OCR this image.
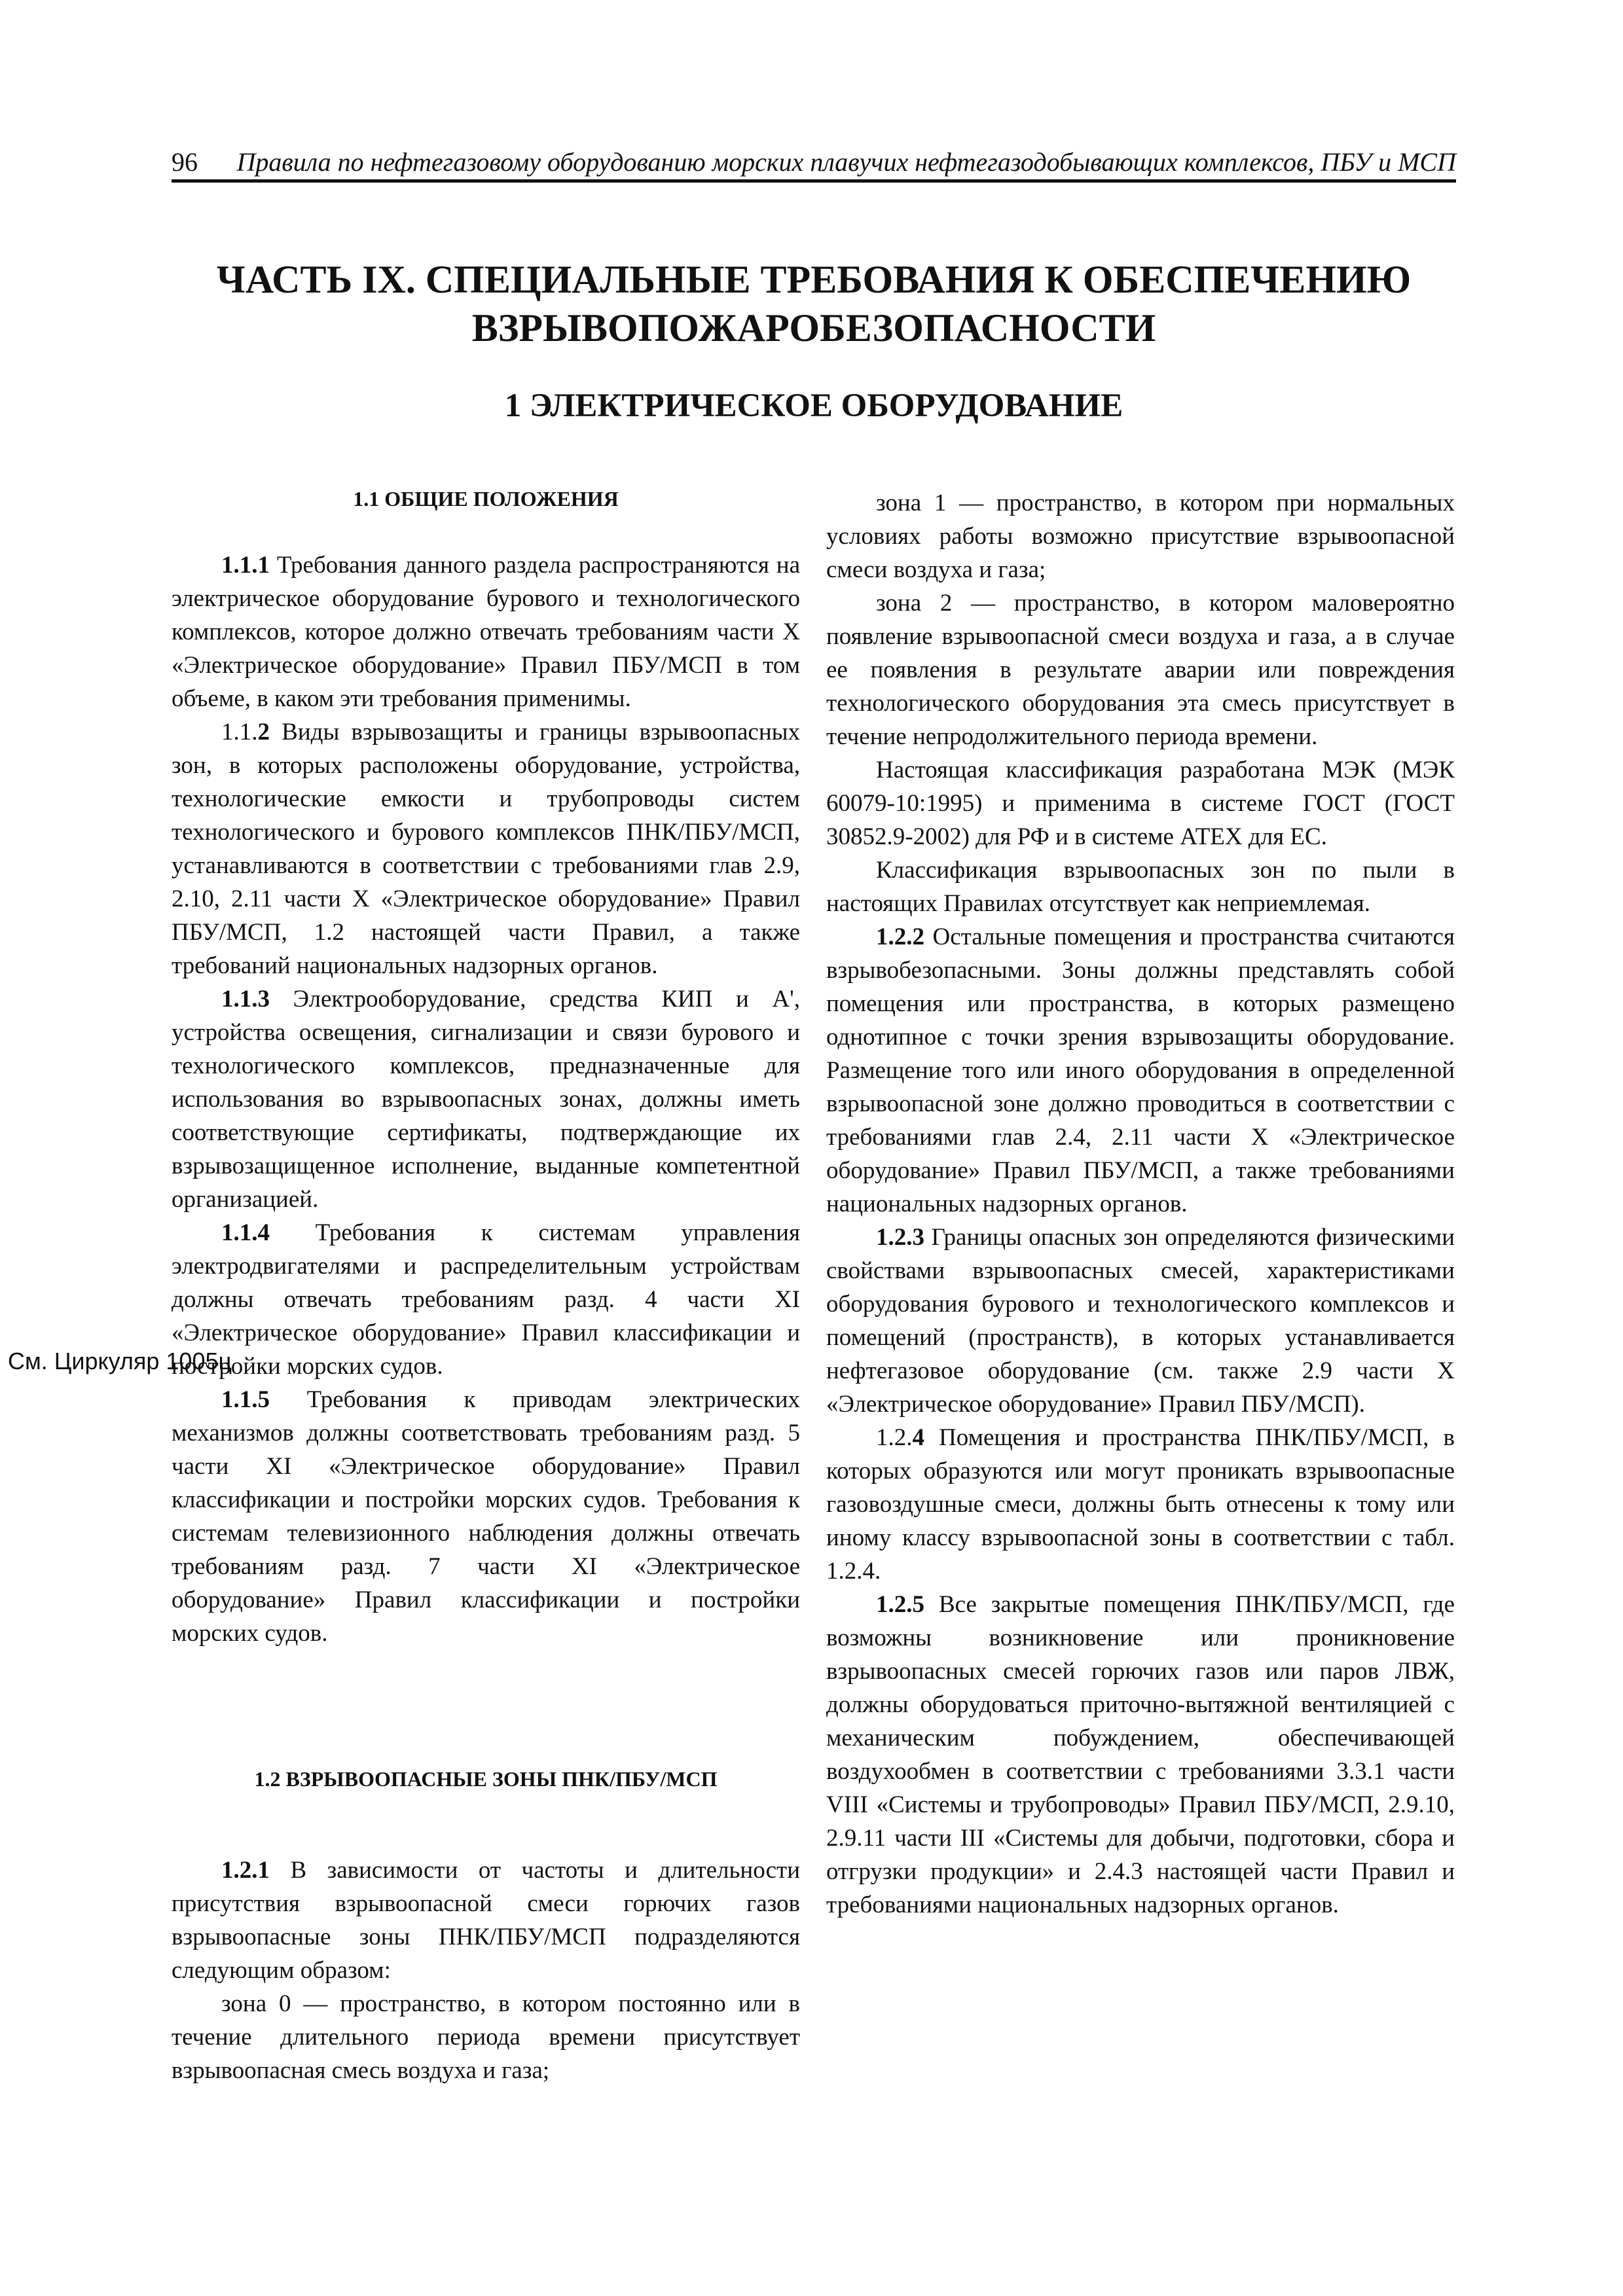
96 Правила по нефтегазовому оборудованию морских плавучих нефтегазодобывающих комплексов, ПБУ и МСП
ЧАСТЬ IX. СПЕЦИАЛЬНЫЕ ТРЕБОВАНИЯ К ОБЕСПЕЧЕНИЮ
ВЗРЫВОПОЖАРОБЕЗОПАСНОСТИ
1 ЭЛЕКТРИЧЕСКОЕ ОБОРУДОВАНИЕ
См. Циркуляр 1005ц
1.1 ОБЩИЕ ПОЛОЖЕНИЯ

1.1.1 Требования данного раздела распространяются на электрическое оборудование бурового и технологического комплексов, которое должно отвечать требованиям части X «Электрическое оборудование» Правил ПБУ/МСП в том объеме, в каком эти требования применимы.

1.1.2 Виды взрывозащиты и границы взрывоопасных зон, в которых расположены оборудование, устройства, технологические емкости и трубопроводы систем технологического и бурового комплексов ПНК/ПБУ/МСП, устанавливаются в соответствии с требованиями глав 2.9, 2.10, 2.11 части X «Электрическое оборудование» Правил ПБУ/МСП, 1.2 настоящей части Правил, а также требований национальных надзорных органов.

1.1.3 Электрооборудование, средства КИП и А', устройства освещения, сигнализации и связи бурового и технологического комплексов, предназначенные для использования во взрывоопасных зонах, должны иметь соответствующие сертификаты, подтверждающие их взрывозащищенное исполнение, выданные компетентной организацией.

1.1.4 Требования к системам управления электродвигателями и распределительным устройствам должны отвечать требованиям разд. 4 части XI «Электрическое оборудование» Правил классификации и постройки морских судов.

1.1.5 Требования к приводам электрических механизмов должны соответствовать требованиям разд. 5 части XI «Электрическое оборудование» Правил классификации и постройки морских судов. Требования к системам телевизионного наблюдения должны отвечать требованиям разд. 7 части XI «Электрическое оборудование» Правил классификации и постройки морских судов.

1.2 ВЗРЫВООПАСНЫЕ ЗОНЫ ПНК/ПБУ/МСП

1.2.1 В зависимости от частоты и длительности присутствия взрывоопасной смеси горючих газов взрывоопасные зоны ПНК/ПБУ/МСП подразделяются следующим образом:

зона 0 — пространство, в котором постоянно или в течение длительного периода времени присутствует взрывоопасная смесь воздуха и газа;

зона 1 — пространство, в котором при нормальных условиях работы возможно присутствие взрывоопасной смеси воздуха и газа;

зона 2 — пространство, в котором маловероятно появление взрывоопасной смеси воздуха и газа, а в случае ее появления в результате аварии или повреждения технологического оборудования эта смесь присутствует в течение непродолжительного периода времени.

Настоящая классификация разработана МЭК (МЭК 60079-10:1995) и применима в системе ГОСТ (ГОСТ 30852.9-2002) для РФ и в системе АТЕХ для ЕС.

Классификация взрывоопасных зон по пыли в настоящих Правилах отсутствует как неприемлемая.

1.2.2 Остальные помещения и пространства считаются взрывобезопасными. Зоны должны представлять собой помещения или пространства, в которых размещено однотипное с точки зрения взрывозащиты оборудование. Размещение того или иного оборудования в определенной взрывоопасной зоне должно проводиться в соответствии с требованиями глав 2.4, 2.11 части X «Электрическое оборудование» Правил ПБУ/МСП, а также требованиями национальных надзорных органов.

1.2.3 Границы опасных зон определяются физическими свойствами взрывоопасных смесей, характеристиками оборудования бурового и технологического комплексов и помещений (пространств), в которых устанавливается нефтегазовое оборудование (см. также 2.9 части X «Электрическое оборудование» Правил ПБУ/МСП).

1.2.4 Помещения и пространства ПНК/ПБУ/МСП, в которых образуются или могут проникать взрывоопасные газовоздушные смеси, должны быть отнесены к тому или иному классу взрывоопасной зоны в соответствии с табл. 1.2.4.

1.2.5 Все закрытые помещения ПНК/ПБУ/МСП, где возможны возникновение или проникновение взрывоопасных смесей горючих газов или паров ЛВЖ, должны оборудоваться приточно-вытяжной вентиляцией с механическим побуждением, обеспечивающей воздухообмен в соответствии с требованиями 3.3.1 части VIII «Системы и трубопроводы» Правил ПБУ/МСП, 2.9.10, 2.9.11 части III «Системы для добычи, подготовки, сбора и отгрузки продукции» и 2.4.3 настоящей части Правил и требованиями национальных надзорных органов.
